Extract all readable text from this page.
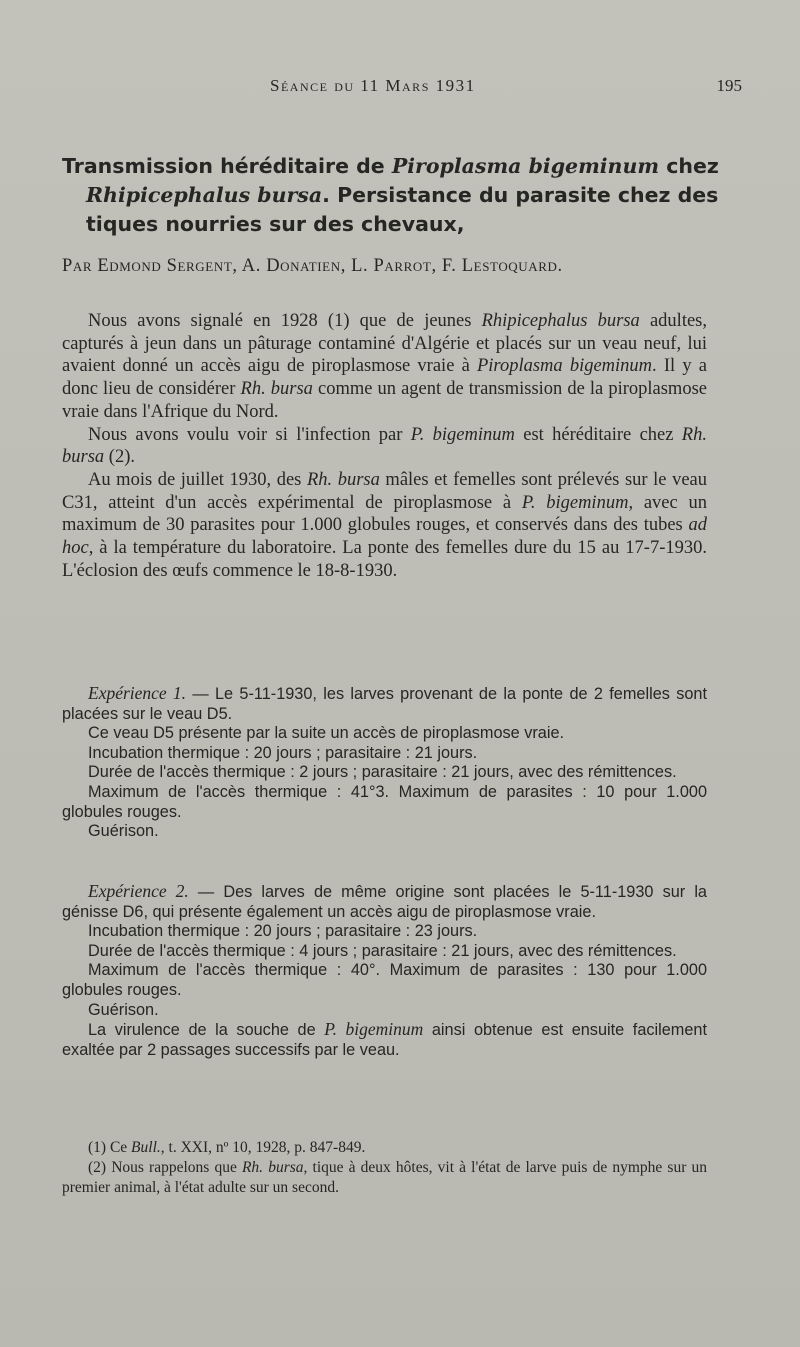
Séance du 11 Mars 1931	195
Transmission héréditaire de Piroplasma bigeminum chez Rhipicephalus bursa. Persistance du parasite chez des tiques nourries sur des chevaux,
Par Edmond Sergent, A. Donatien, L. Parrot, F. Lestoquard.

Nous avons signalé en 1928 (1) que de jeunes Rhipicephalus bursa adultes, capturés à jeun dans un pâturage contaminé d'Algérie et placés sur un veau neuf, lui avaient donné un accès aigu de piroplasmose vraie à Piroplasma bigeminum. Il y a donc lieu de considérer Rh. bursa comme un agent de transmission de la piroplasmose vraie dans l'Afrique du Nord.

Nous avons voulu voir si l'infection par P. bigeminum est héréditaire chez Rh. bursa (2).

Au mois de juillet 1930, des Rh. bursa mâles et femelles sont prélevés sur le veau C31, atteint d'un accès expérimental de piroplasmose à P. bigeminum, avec un maximum de 30 parasites pour 1.000 globules rouges, et conservés dans des tubes ad hoc, à la température du laboratoire. La ponte des femelles dure du 15 au 17-7-1930. L'éclosion des œufs commence le 18-8-1930.

Expérience 1. — Le 5-11-1930, les larves provenant de la ponte de 2 femelles sont placées sur le veau D5.

Ce veau D5 présente par la suite un accès de piroplasmose vraie.

Incubation thermique : 20 jours ; parasitaire : 21 jours.

Durée de l'accès thermique : 2 jours ; parasitaire : 21 jours, avec des rémittences.

Maximum de l'accès thermique : 41°3. Maximum de parasites : 10 pour 1.000 globules rouges.

Guérison.

Expérience 2. — Des larves de même origine sont placées le 5-11-1930 sur la génisse D6, qui présente également un accès aigu de piroplasmose vraie.

Incubation thermique : 20 jours ; parasitaire : 23 jours.

Durée de l'accès thermique : 4 jours ; parasitaire : 21 jours, avec des rémittences.

Maximum de l'accès thermique : 40°. Maximum de parasites : 130 pour 1.000 globules rouges.

Guérison.

La virulence de la souche de P. bigeminum ainsi obtenue est ensuite facilement exaltée par 2 passages successifs par le veau.

(1) Ce Bull., t. XXI, nº 10, 1928, p. 847-849.

(2) Nous rappelons que Rh. bursa, tique à deux hôtes, vit à l'état de larve puis de nymphe sur un premier animal, à l'état adulte sur un second.
